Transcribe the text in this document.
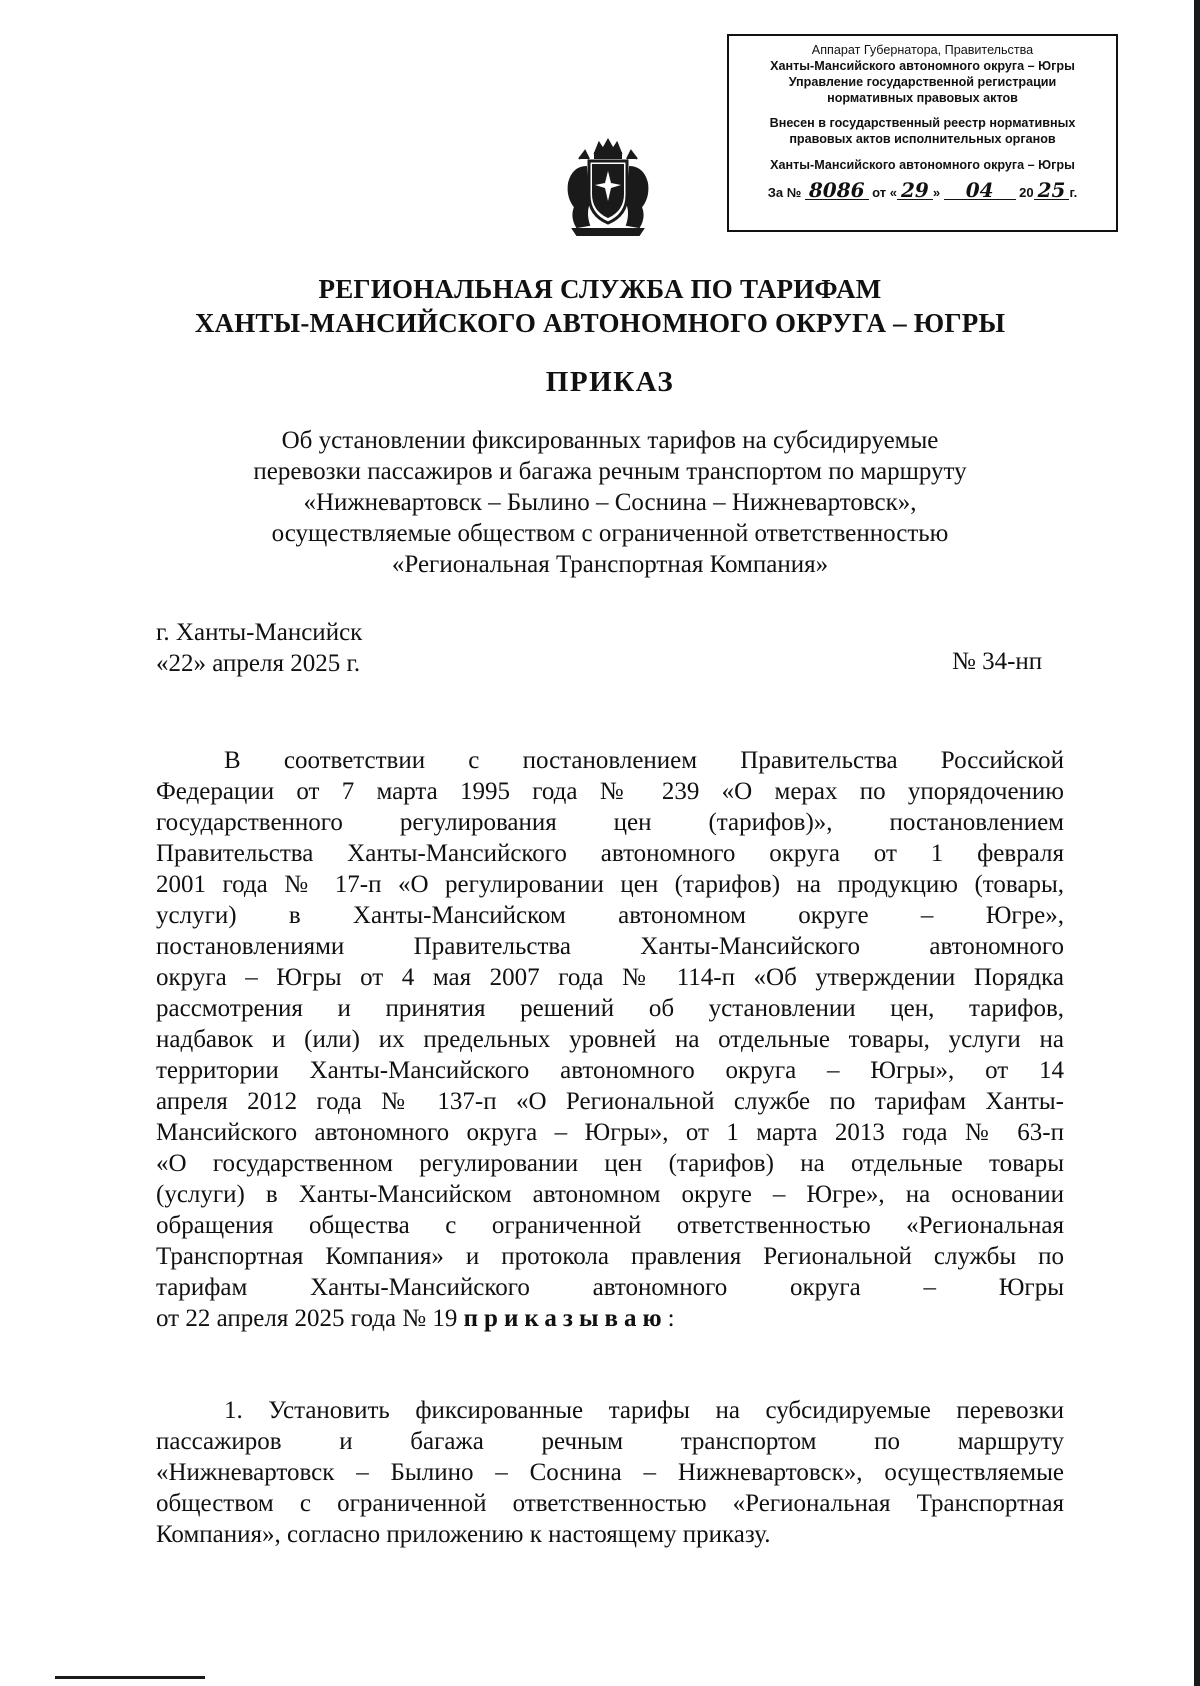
Аппарат Губернатора, Правительства
Ханты-Мансийского автономного округа – Югры
Управление государственной регистрации
нормативных правовых актов
Внесен в государственный реестр нормативных
правовых актов исполнительных органов
Ханты-Мансийского автономного округа – Югры
За № 8086 от « 29 » 04 20 25 г.
РЕГИОНАЛЬНАЯ СЛУЖБА ПО ТАРИФАМ
ХАНТЫ-МАНСИЙСКОГО АВТОНОМНОГО ОКРУГА – ЮГРЫ
ПРИКАЗ
Об установлении фиксированных тарифов на субсидируемые
перевозки пассажиров и багажа речным транспортом по маршруту
«Нижневартовск – Былино – Соснина – Нижневартовск»,
осуществляемые обществом с ограниченной ответственностью
«Региональная Транспортная Компания»
г. Ханты-Мансийск
«22» апреля 2025 г.	№ 34-нп
В соответствии с постановлением Правительства Российской
Федерации от 7 марта 1995 года № 239 «О мерах по упорядочению
государственного регулирования цен (тарифов)», постановлением
Правительства Ханты-Мансийского автономного округа от 1 февраля
2001 года № 17-п «О регулировании цен (тарифов) на продукцию (товары,
услуги) в Ханты-Мансийском автономном округе – Югре»,
постановлениями Правительства Ханты-Мансийского автономного
округа – Югры от 4 мая 2007 года № 114-п «Об утверждении Порядка
рассмотрения и принятия решений об установлении цен, тарифов,
надбавок и (или) их предельных уровней на отдельные товары, услуги на
территории Ханты-Мансийского автономного округа – Югры», от 14
апреля 2012 года № 137-п «О Региональной службе по тарифам Ханты-
Мансийского автономного округа – Югры», от 1 марта 2013 года № 63-п
«О государственном регулировании цен (тарифов) на отдельные товары
(услуги) в Ханты-Мансийском автономном округе – Югре», на основании
обращения общества с ограниченной ответственностью «Региональная
Транспортная Компания» и протокола правления Региональной службы по
тарифам Ханты-Мансийского автономного округа – Югры
от 22 апреля 2025 года № 19 приказываю:
1. Установить фиксированные тарифы на субсидируемые перевозки
пассажиров и багажа речным транспортом по маршруту
«Нижневартовск – Былино – Соснина – Нижневартовск», осуществляемые
обществом с ограниченной ответственностью «Региональная Транспортная
Компания», согласно приложению к настоящему приказу.
